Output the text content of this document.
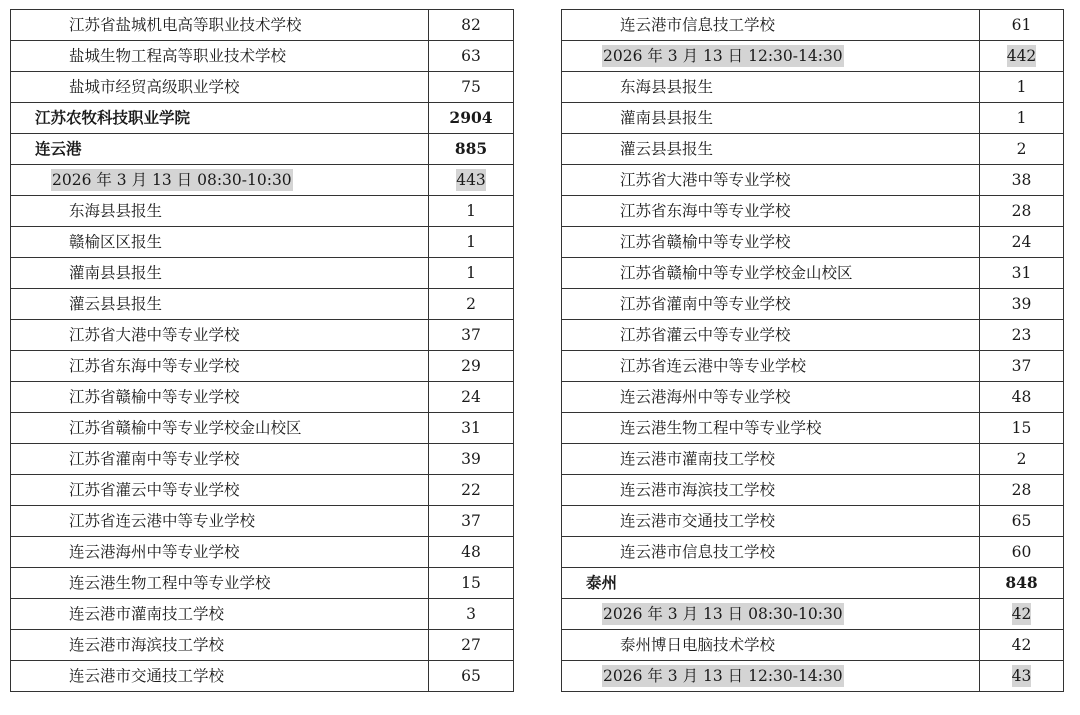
江苏省盐城机电高等职业技术学校	82
盐城生物工程高等职业技术学校	63
盐城市经贸高级职业学校	75
江苏农牧科技职业学院	2904
连云港	885
2026 年 3 月 13 日 08:30-10:30	443
东海县县报生	1
赣榆区区报生	1
灌南县县报生	1
灌云县县报生	2
江苏省大港中等专业学校	37
江苏省东海中等专业学校	29
江苏省赣榆中等专业学校	24
江苏省赣榆中等专业学校金山校区	31
江苏省灌南中等专业学校	39
江苏省灌云中等专业学校	22
江苏省连云港中等专业学校	37
连云港海州中等专业学校	48
连云港生物工程中等专业学校	15
连云港市灌南技工学校	3
连云港市海滨技工学校	27
连云港市交通技工学校	65
连云港市信息技工学校	61
2026 年 3 月 13 日 12:30-14:30	442
东海县县报生	1
灌南县县报生	1
灌云县县报生	2
江苏省大港中等专业学校	38
江苏省东海中等专业学校	28
江苏省赣榆中等专业学校	24
江苏省赣榆中等专业学校金山校区	31
江苏省灌南中等专业学校	39
江苏省灌云中等专业学校	23
江苏省连云港中等专业学校	37
连云港海州中等专业学校	48
连云港生物工程中等专业学校	15
连云港市灌南技工学校	2
连云港市海滨技工学校	28
连云港市交通技工学校	65
连云港市信息技工学校	60
泰州	848
2026 年 3 月 13 日 08:30-10:30	42
泰州博日电脑技术学校	42
2026 年 3 月 13 日 12:30-14:30	43
